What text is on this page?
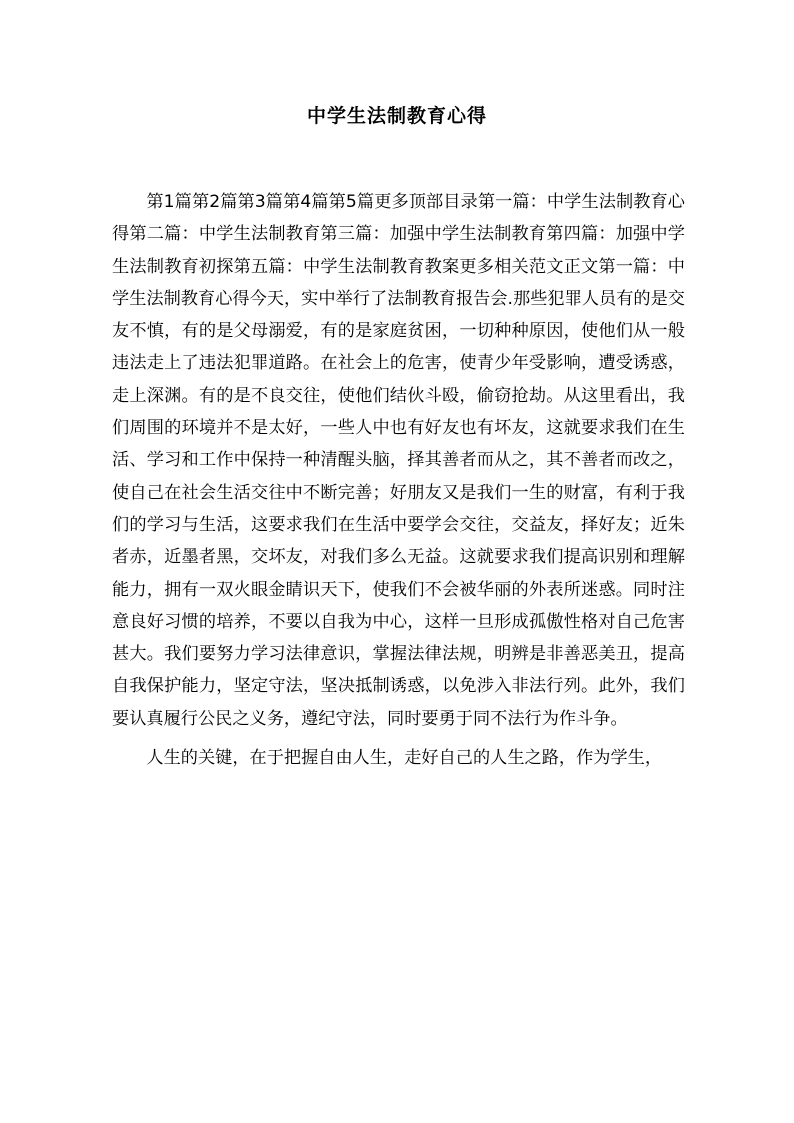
中学生法制教育心得

第1篇第2篇第3篇第4篇第5篇更多顶部目录第一篇：中学生法制教育心得第二篇：中学生法制教育第三篇：加强中学生法制教育第四篇：加强中学生法制教育初探第五篇：中学生法制教育教案更多相关范文正文第一篇：中学生法制教育心得今天，实中举行了法制教育报告会.那些犯罪人员有的是交友不慎，有的是父母溺爱，有的是家庭贫困，一切种种原因，使他们从一般违法走上了违法犯罪道路。在社会上的危害，使青少年受影响，遭受诱惑，走上深渊。有的是不良交往，使他们结伙斗殴，偷窃抢劫。从这里看出，我们周围的环境并不是太好，一些人中也有好友也有坏友，这就要求我们在生活、学习和工作中保持一种清醒头脑，择其善者而从之，其不善者而改之，使自己在社会生活交往中不断完善；好朋友又是我们一生的财富，有利于我们的学习与生活，这要求我们在生活中要学会交往，交益友，择好友；近朱者赤，近墨者黑，交坏友，对我们多么无益。这就要求我们提高识别和理解能力，拥有一双火眼金睛识天下，使我们不会被华丽的外表所迷惑。同时注意良好习惯的培养，不要以自我为中心，这样一旦形成孤傲性格对自己危害甚大。我们要努力学习法律意识，掌握法律法规，明辨是非善恶美丑，提高自我保护能力，坚定守法，坚决抵制诱惑，以免涉入非法行列。此外，我们要认真履行公民之义务，遵纪守法，同时要勇于同不法行为作斗争。

人生的关键，在于把握自由人生，走好自己的人生之路，作为学生，
